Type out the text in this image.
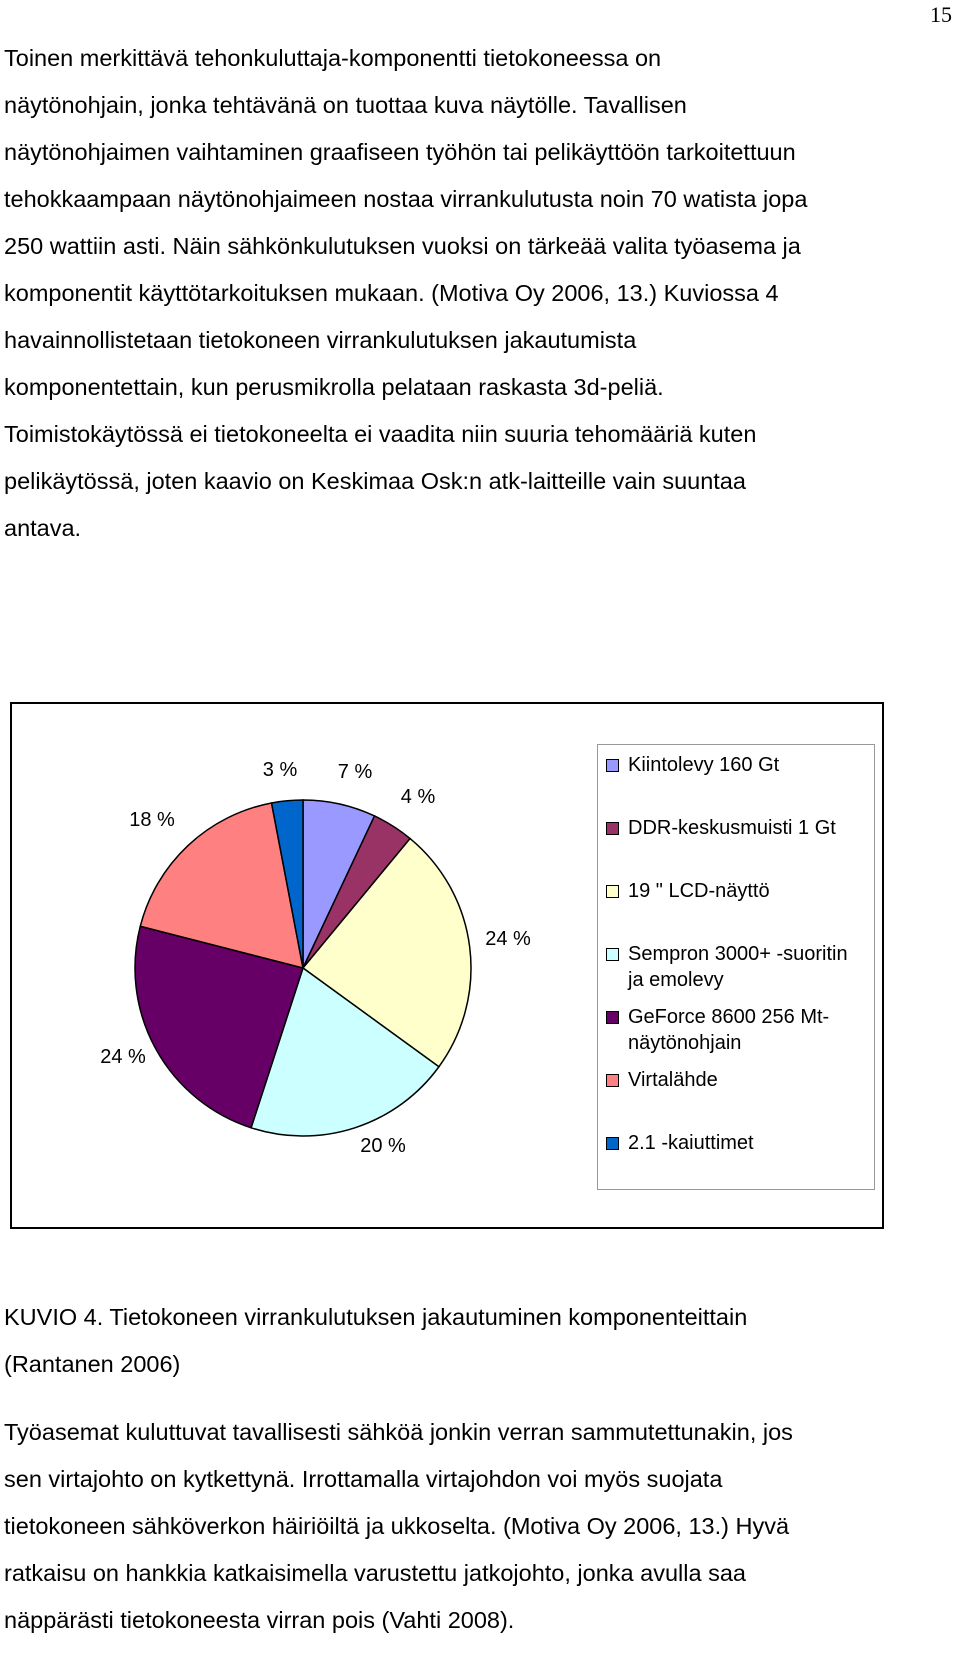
15

Toinen merkittävä tehonkuluttaja-komponentti tietokoneessa on
näytönohjain, jonka tehtävänä on tuottaa kuva näytölle. Tavallisen
näytönohjaimen vaihtaminen graafiseen työhön tai pelikäyttöön tarkoitettuun
tehokkaampaan näytönohjaimeen nostaa virrankulutusta noin 70 watista jopa
250 wattiin asti. Näin sähkönkulutuksen vuoksi on tärkeää valita työasema ja
komponentit käyttötarkoituksen mukaan. (Motiva Oy 2006, 13.) Kuviossa 4
havainnollistetaan tietokoneen virrankulutuksen jakautumista
komponentettain, kun perusmikrolla pelataan raskasta 3d-peliä.
Toimistokäytössä ei tietokoneelta ei vaadita niin suuria tehomääriä kuten
pelikäytössä, joten kaavio on Keskimaa Osk:n atk-laitteille vain suuntaa
antava.

7 %
4 %
24 %
20 %
24 %
18 %
3 %	Kiintolevy 160 Gt
DDR-keskusmuisti 1 Gt
19 " LCD-näyttö
Sempron 3000+ -suoritin ja emolevy
GeForce 8600 256 Mt-näytönohjain
Virtalähde
2.1 -kaiuttimet

KUVIO 4. Tietokoneen virrankulutuksen jakautuminen komponenteittain
(Rantanen 2006)

Työasemat kuluttuvat tavallisesti sähköä jonkin verran sammutettunakin, jos
sen virtajohto on kytkettynä. Irrottamalla virtajohdon voi myös suojata
tietokoneen sähköverkon häiriöiltä ja ukkoselta. (Motiva Oy 2006, 13.) Hyvä
ratkaisu on hankkia katkaisimella varustettu jatkojohto, jonka avulla saa
näppärästi tietokoneesta virran pois (Vahti 2008).
